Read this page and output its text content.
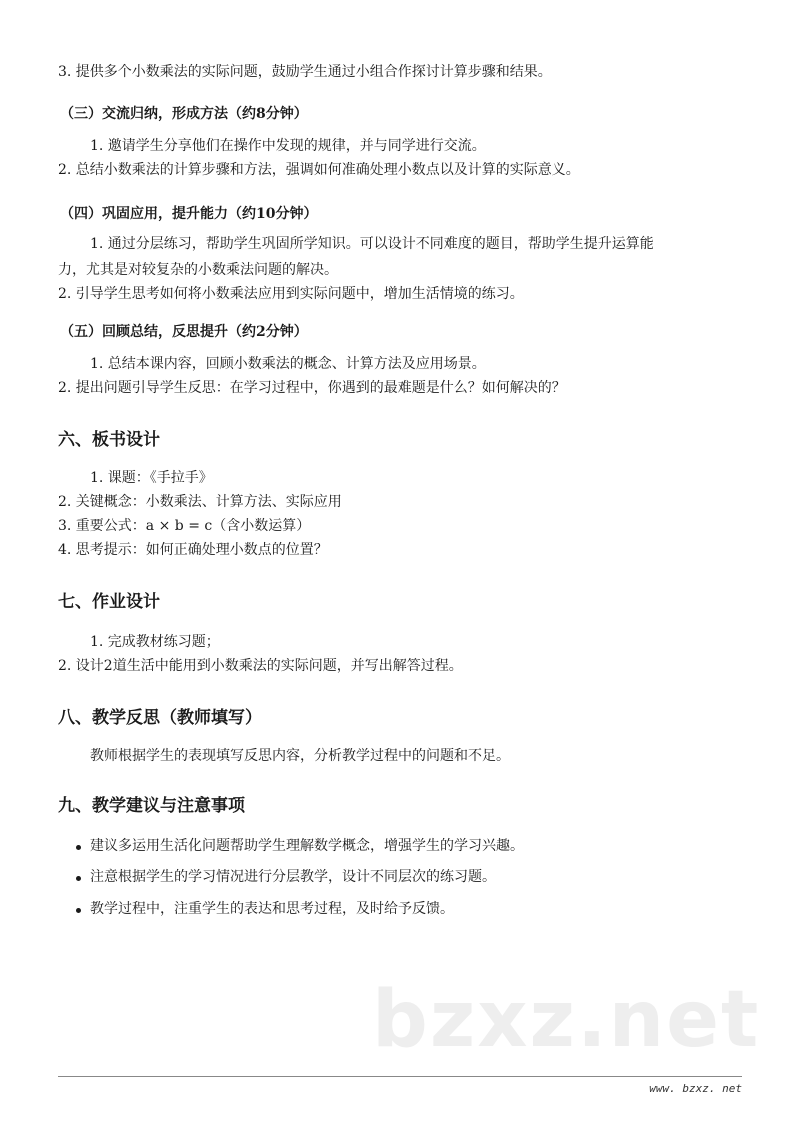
3. 提供多个小数乘法的实际问题，鼓励学生通过小组合作探讨计算步骤和结果。
（三）交流归纳，形成方法（约8分钟）
1. 邀请学生分享他们在操作中发现的规律，并与同学进行交流。
2. 总结小数乘法的计算步骤和方法，强调如何准确处理小数点以及计算的实际意义。
（四）巩固应用，提升能力（约10分钟）
1. 通过分层练习，帮助学生巩固所学知识。可以设计不同难度的题目，帮助学生提升运算能
力，尤其是对较复杂的小数乘法问题的解决。
2. 引导学生思考如何将小数乘法应用到实际问题中，增加生活情境的练习。
（五）回顾总结，反思提升（约2分钟）
1. 总结本课内容，回顾小数乘法的概念、计算方法及应用场景。
2. 提出问题引导学生反思：在学习过程中，你遇到的最难题是什么？如何解决的？
六、板书设计
1. 课题：《手拉手》
2. 关键概念：小数乘法、计算方法、实际应用
3. 重要公式：a × b = c（含小数运算）
4. 思考提示：如何正确处理小数点的位置？
七、作业设计
1. 完成教材练习题；
2. 设计2道生活中能用到小数乘法的实际问题，并写出解答过程。
八、教学反思（教师填写）
教师根据学生的表现填写反思内容，分析教学过程中的问题和不足。
九、教学建议与注意事项
建议多运用生活化问题帮助学生理解数学概念，增强学生的学习兴趣。
注意根据学生的学习情况进行分层教学，设计不同层次的练习题。
教学过程中，注重学生的表达和思考过程，及时给予反馈。
bzxz.net
www. bzxz. net
